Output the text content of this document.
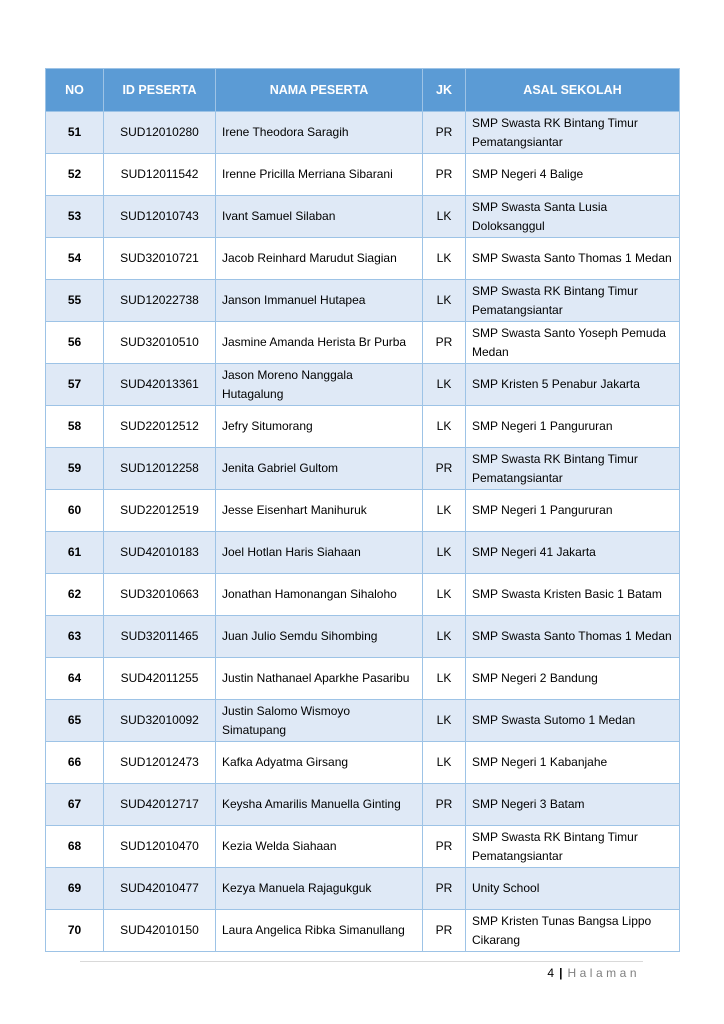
NO	ID PESERTA	NAMA PESERTA	JK	ASAL SEKOLAH
51	SUD12010280	Irene Theodora Saragih	PR	SMP Swasta RK Bintang Timur Pematangsiantar
52	SUD12011542	Irenne Pricilla Merriana Sibarani	PR	SMP Negeri 4 Balige
53	SUD12010743	Ivant Samuel Silaban	LK	SMP Swasta Santa Lusia Doloksanggul
54	SUD32010721	Jacob Reinhard Marudut Siagian	LK	SMP Swasta Santo Thomas 1 Medan
55	SUD12022738	Janson Immanuel Hutapea	LK	SMP Swasta RK Bintang Timur Pematangsiantar
56	SUD32010510	Jasmine Amanda Herista Br Purba	PR	SMP Swasta Santo Yoseph Pemuda Medan
57	SUD42013361	Jason Moreno Nanggala Hutagalung	LK	SMP Kristen 5 Penabur Jakarta
58	SUD22012512	Jefry Situmorang	LK	SMP Negeri 1 Pangururan
59	SUD12012258	Jenita Gabriel Gultom	PR	SMP Swasta RK Bintang Timur Pematangsiantar
60	SUD22012519	Jesse Eisenhart Manihuruk	LK	SMP Negeri 1 Pangururan
61	SUD42010183	Joel Hotlan Haris Siahaan	LK	SMP Negeri 41 Jakarta
62	SUD32010663	Jonathan Hamonangan Sihaloho	LK	SMP Swasta Kristen Basic 1 Batam
63	SUD32011465	Juan Julio Semdu Sihombing	LK	SMP Swasta Santo Thomas 1 Medan
64	SUD42011255	Justin Nathanael Aparkhe Pasaribu	LK	SMP Negeri 2 Bandung
65	SUD32010092	Justin Salomo Wismoyo Simatupang	LK	SMP Swasta Sutomo 1 Medan
66	SUD12012473	Kafka Adyatma Girsang	LK	SMP Negeri 1 Kabanjahe
67	SUD42012717	Keysha Amarilis Manuella Ginting	PR	SMP Negeri 3 Batam
68	SUD12010470	Kezia Welda Siahaan	PR	SMP Swasta RK Bintang Timur Pematangsiantar
69	SUD42010477	Kezya Manuela Rajagukguk	PR	Unity School
70	SUD42010150	Laura Angelica Ribka Simanullang	PR	SMP Kristen Tunas Bangsa Lippo Cikarang
4 | Halaman
